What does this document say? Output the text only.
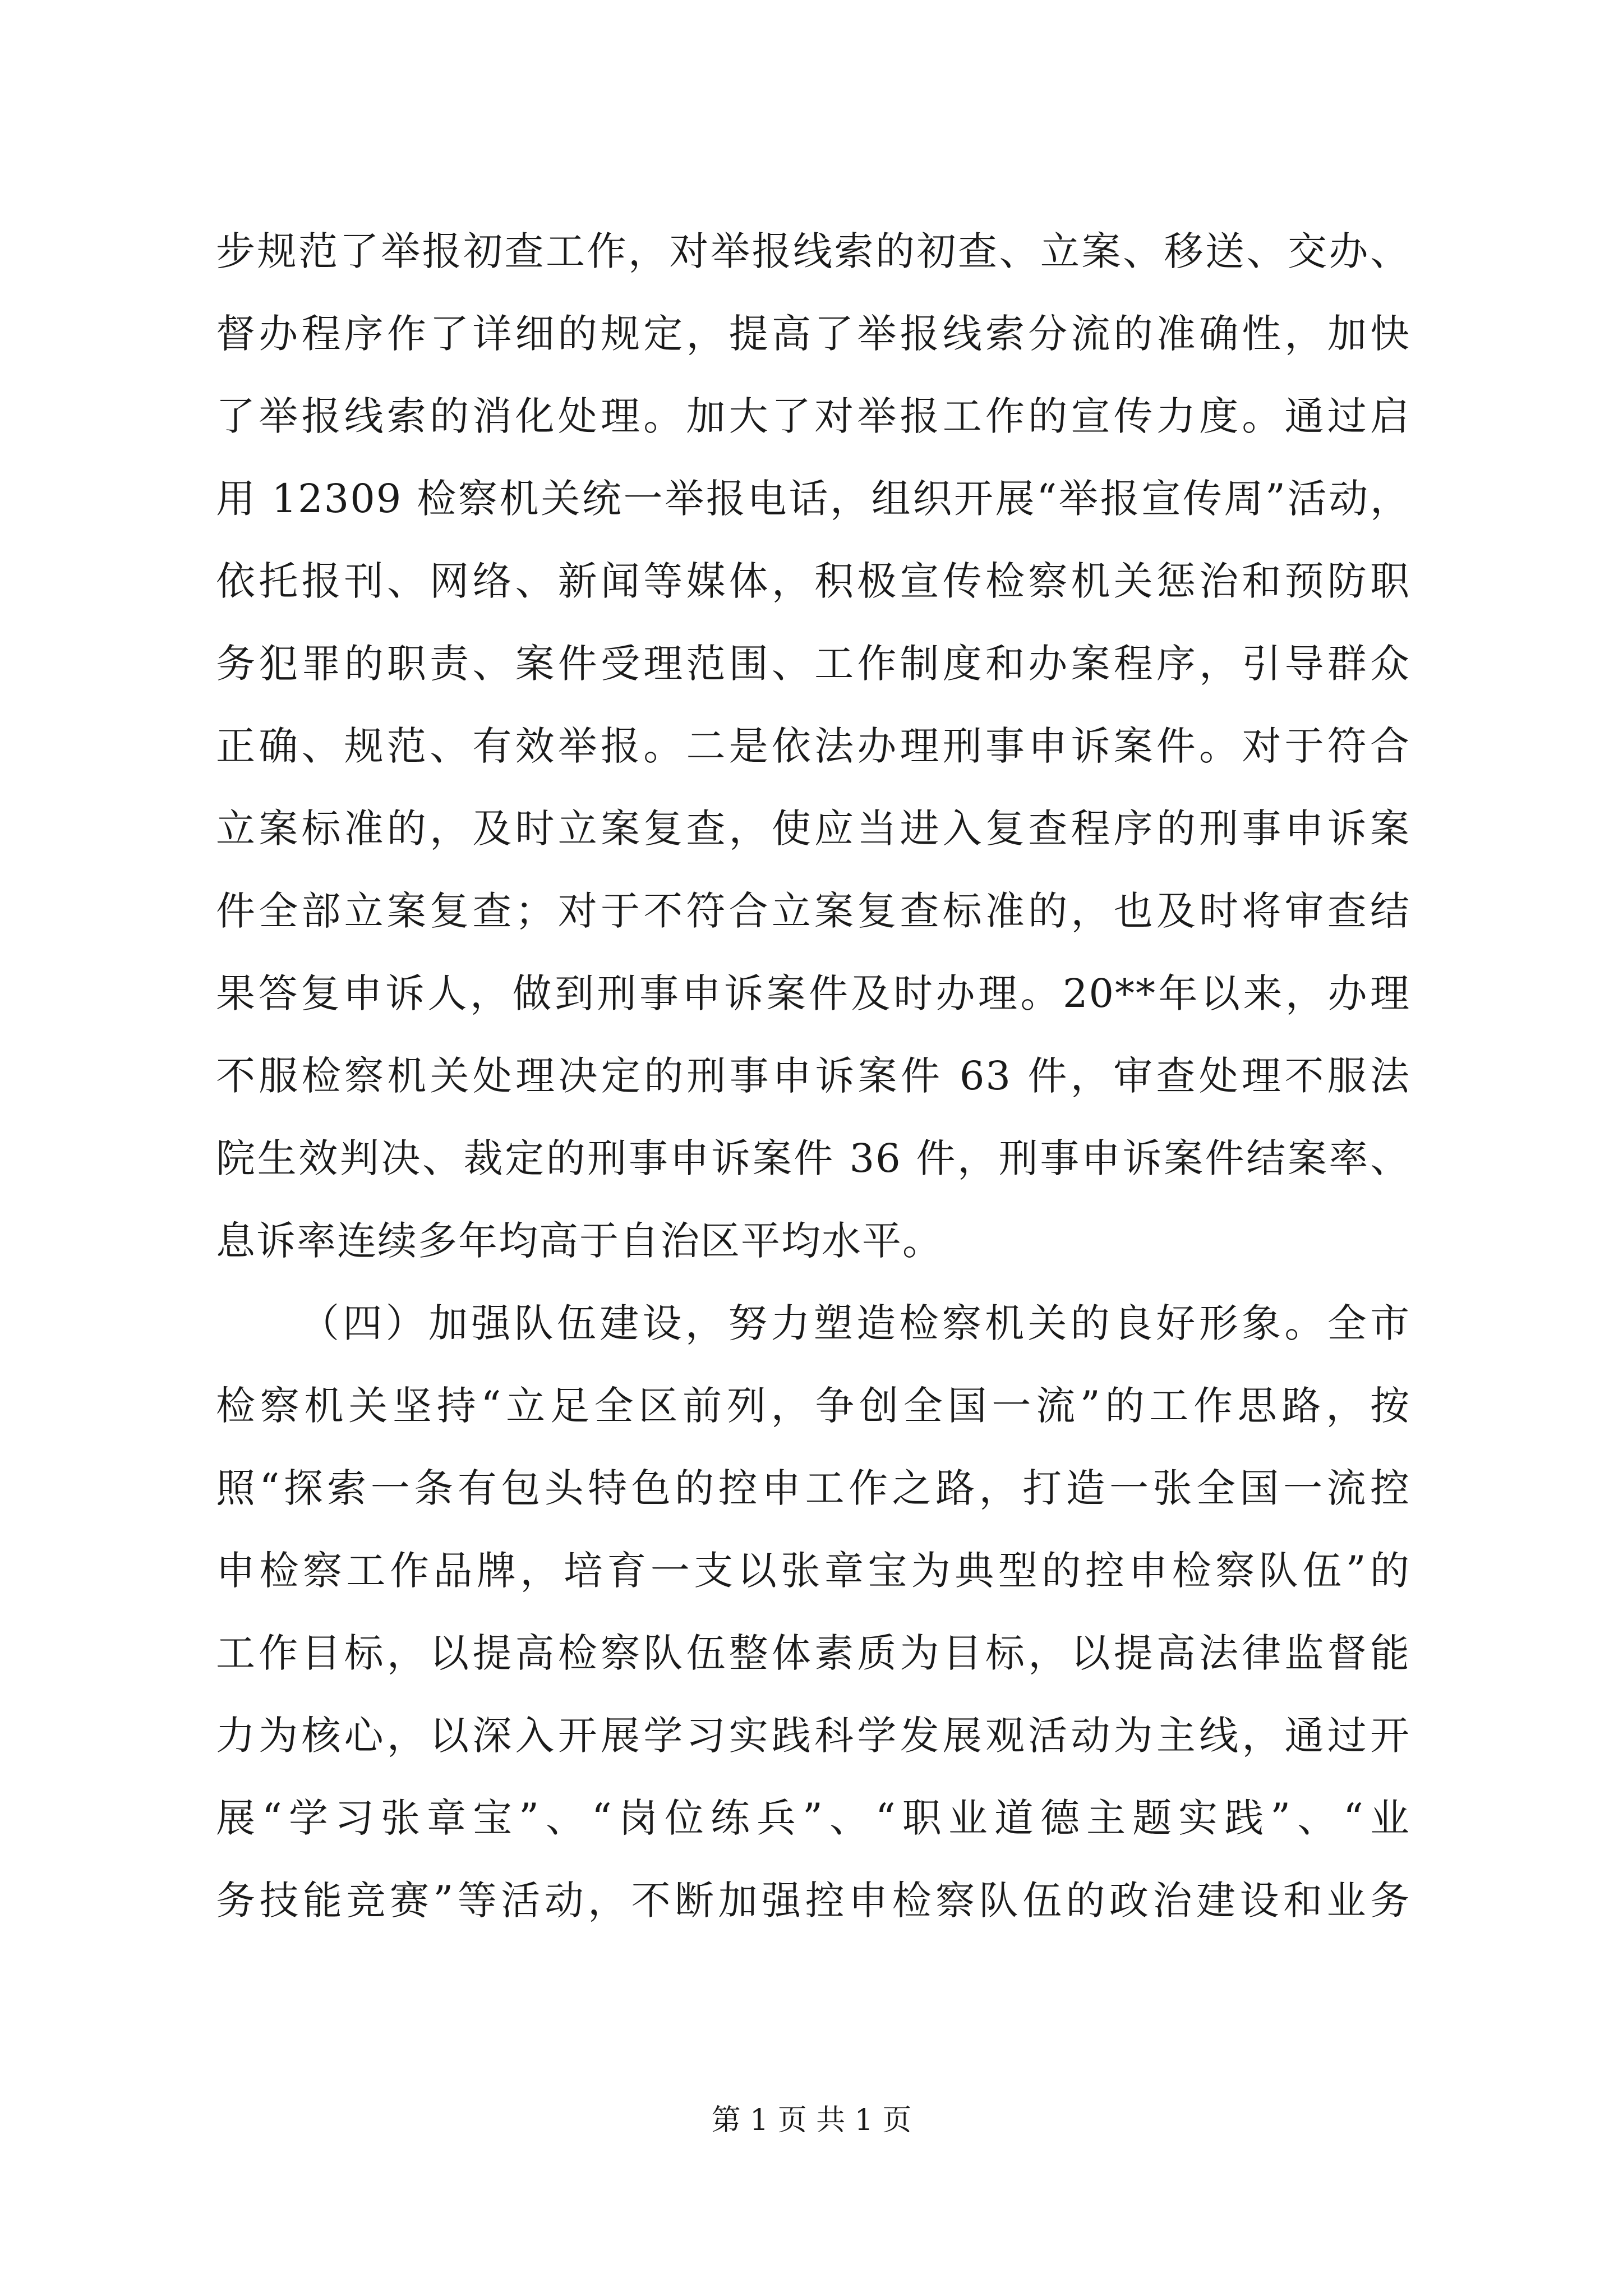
步规范了举报初查工作，对举报线索的初查、立案、移送、交办、
督办程序作了详细的规定，提高了举报线索分流的准确性，加快
了举报线索的消化处理。加大了对举报工作的宣传力度。通过启
用 12309 检察机关统一举报电话，组织开展“举报宣传周”活动，
依托报刊、网络、新闻等媒体，积极宣传检察机关惩治和预防职
务犯罪的职责、案件受理范围、工作制度和办案程序，引导群众
正确、规范、有效举报。二是依法办理刑事申诉案件。对于符合
立案标准的，及时立案复查，使应当进入复查程序的刑事申诉案
件全部立案复查；对于不符合立案复查标准的，也及时将审查结
果答复申诉人，做到刑事申诉案件及时办理。20**年以来，办理
不服检察机关处理决定的刑事申诉案件 63 件，审查处理不服法
院生效判决、裁定的刑事申诉案件 36 件，刑事申诉案件结案率、
息诉率连续多年均高于自治区平均水平。
（四）加强队伍建设，努力塑造检察机关的良好形象。全市
检察机关坚持“立足全区前列，争创全国一流”的工作思路，按
照“探索一条有包头特色的控申工作之路，打造一张全国一流控
申检察工作品牌，培育一支以张章宝为典型的控申检察队伍”的
工作目标，以提高检察队伍整体素质为目标，以提高法律监督能
力为核心，以深入开展学习实践科学发展观活动为主线，通过开
展“学习张章宝”、“岗位练兵”、“职业道德主题实践”、“业
务技能竞赛”等活动，不断加强控申检察队伍的政治建设和业务
第 1 页 共 1 页
